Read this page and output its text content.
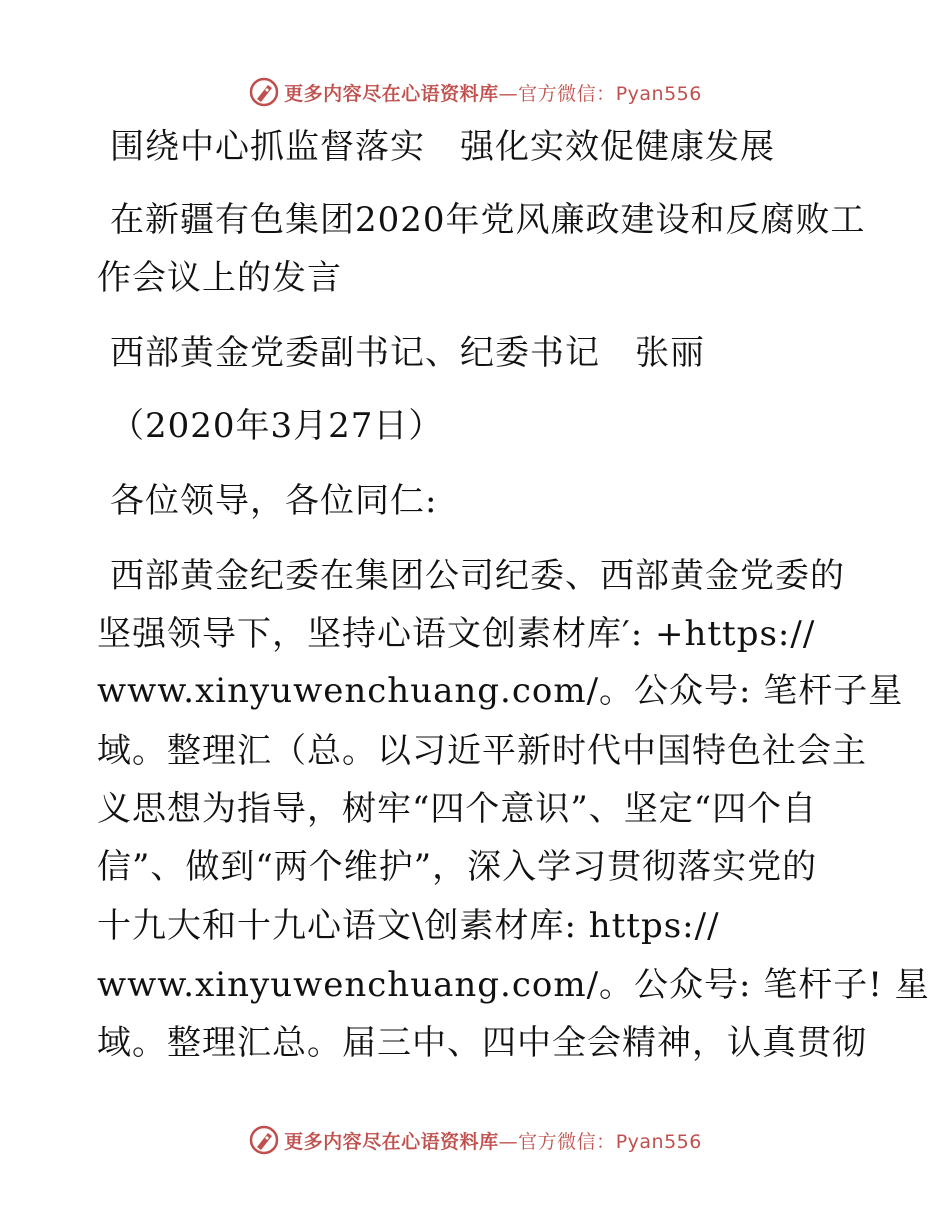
更多内容尽在心语资料库—官方微信：Pyan556
围绕中心抓监督落实　强化实效促健康发展
在新疆有色集团2020年党风廉政建设和反腐败工
作会议上的发言
西部黄金党委副书记、纪委书记　张丽
（2020年3月27日）
各位领导，各位同仁:
西部黄金纪委在集团公司纪委、西部黄金党委的
坚强领导下，坚持心语文创素材库′: +https://
www.xinyuwenchuang.com/。公众号: 笔杆子星
域。整理汇（总。以习近平新时代中国特色社会主
义思想为指导，树牢“四个意识”、坚定“四个自
信”、做到“两个维护”，深入学习贯彻落实党的
十九大和十九心语文\创素材库: https://
www.xinyuwenchuang.com/。公众号: 笔杆子! 星
域。整理汇总。届三中、四中全会精神，认真贯彻
更多内容尽在心语资料库—官方微信：Pyan556
